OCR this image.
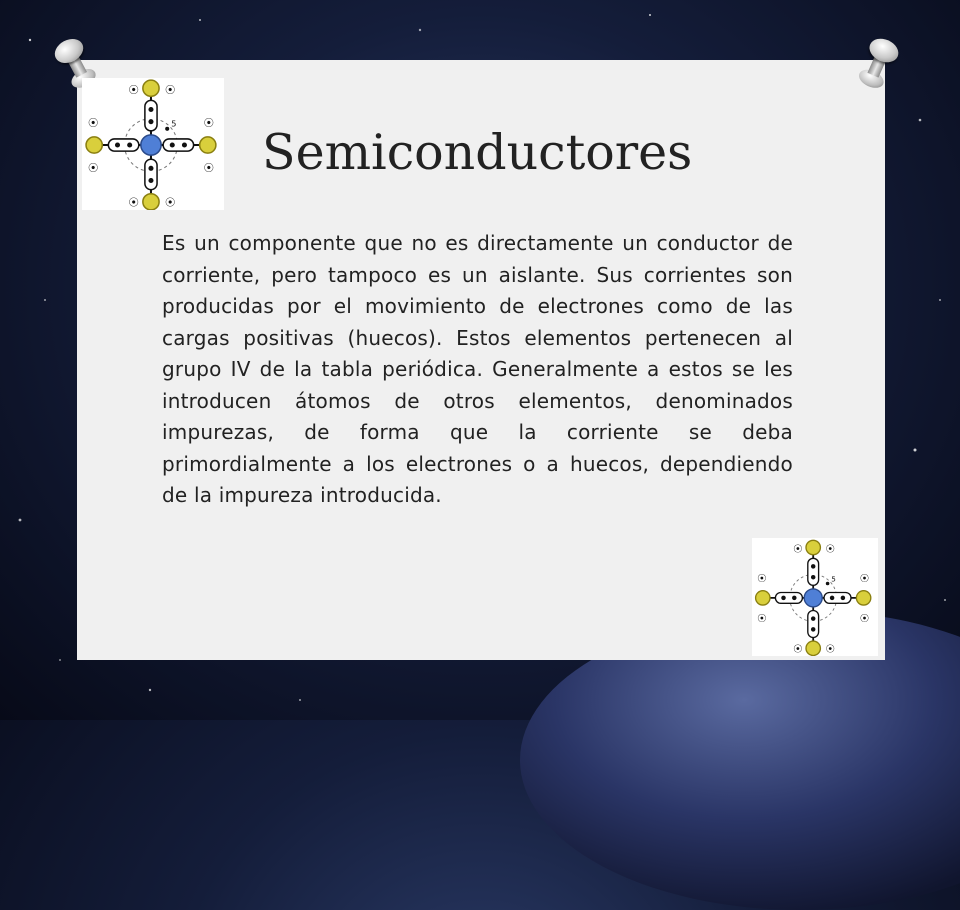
5
⦿	⦿
⦿	⦿
⦿
⦿
⦿
⦿
5
⦿ ⦿
⦿ ⦿
⦿
⦿
⦿
⦿
Semiconductores

Es un componente que no es directamente un conductor de corriente, pero tampoco es un aislante. Sus corrientes son producidas por el movimiento de electrones como de las cargas positivas (huecos). Estos elementos pertenecen al grupo IV de la tabla periódica. Generalmente a estos se les introducen átomos de otros elementos, denominados impurezas, de forma que la corriente se deba primordialmente a los electrones o a huecos, dependiendo de la impureza introducida.
